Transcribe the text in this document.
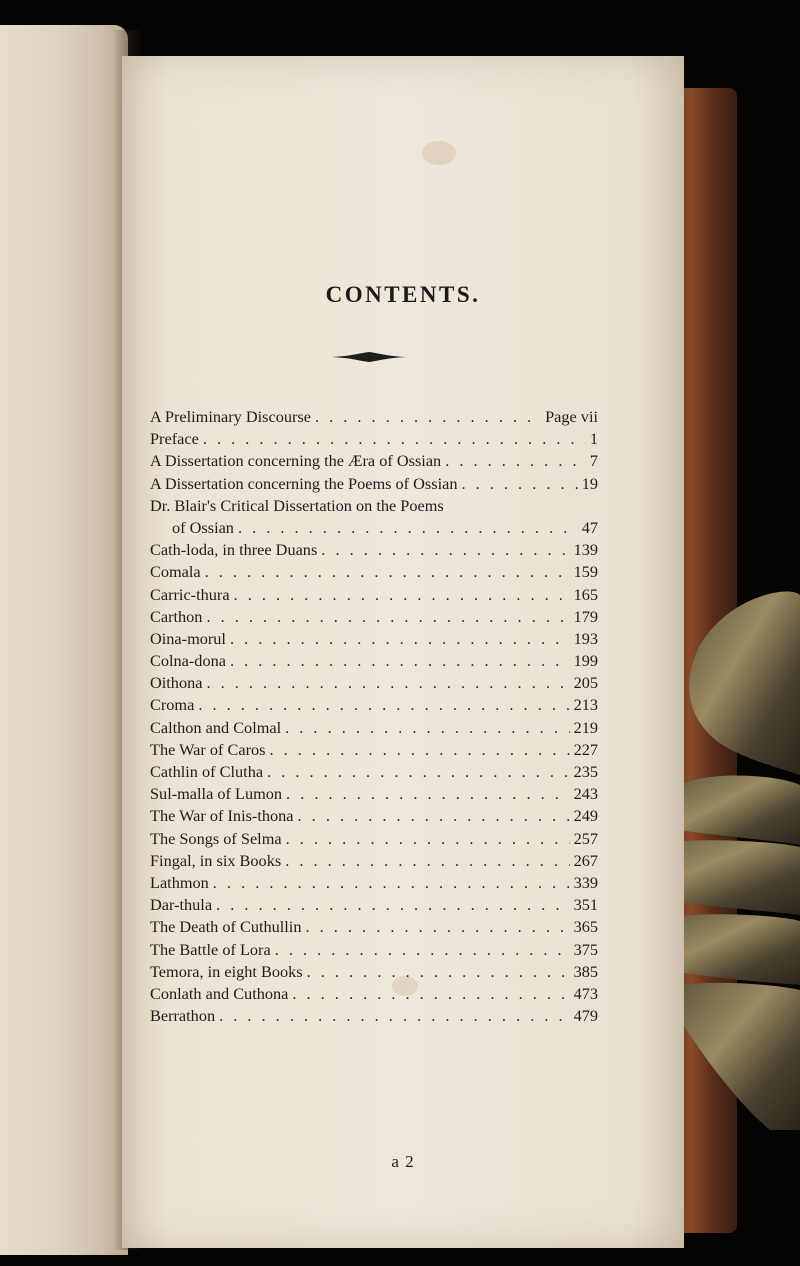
CONTENTS.
A Preliminary Discourse . . .	Page vii
Preface . . .	1
A Dissertation concerning the Æra of Ossian . . .	7
A Dissertation concerning the Poems of Ossian . . .	19
Dr. Blair's Critical Dissertation on the Poems
of Ossian . . .	47
Cath-loda, in three Duans . . .	139
Comala . . .	159
Carric-thura . . .	165
Carthon . . .	179
Oina-morul . . .	193
Colna-dona . . .	199
Oithona . . .	205
Croma . . .	213
Calthon and Colmal . . .	219
The War of Caros . . .	227
Cathlin of Clutha . . .	235
Sul-malla of Lumon . . .	243
The War of Inis-thona . . .	249
The Songs of Selma . . .	257
Fingal, in six Books . . .	267
Lathmon . . .	339
Dar-thula . . .	351
The Death of Cuthullin . . .	365
The Battle of Lora . . .	375
Temora, in eight Books . . .	385
Conlath and Cuthona . . .	473
Berrathon . . .	479
a 2
